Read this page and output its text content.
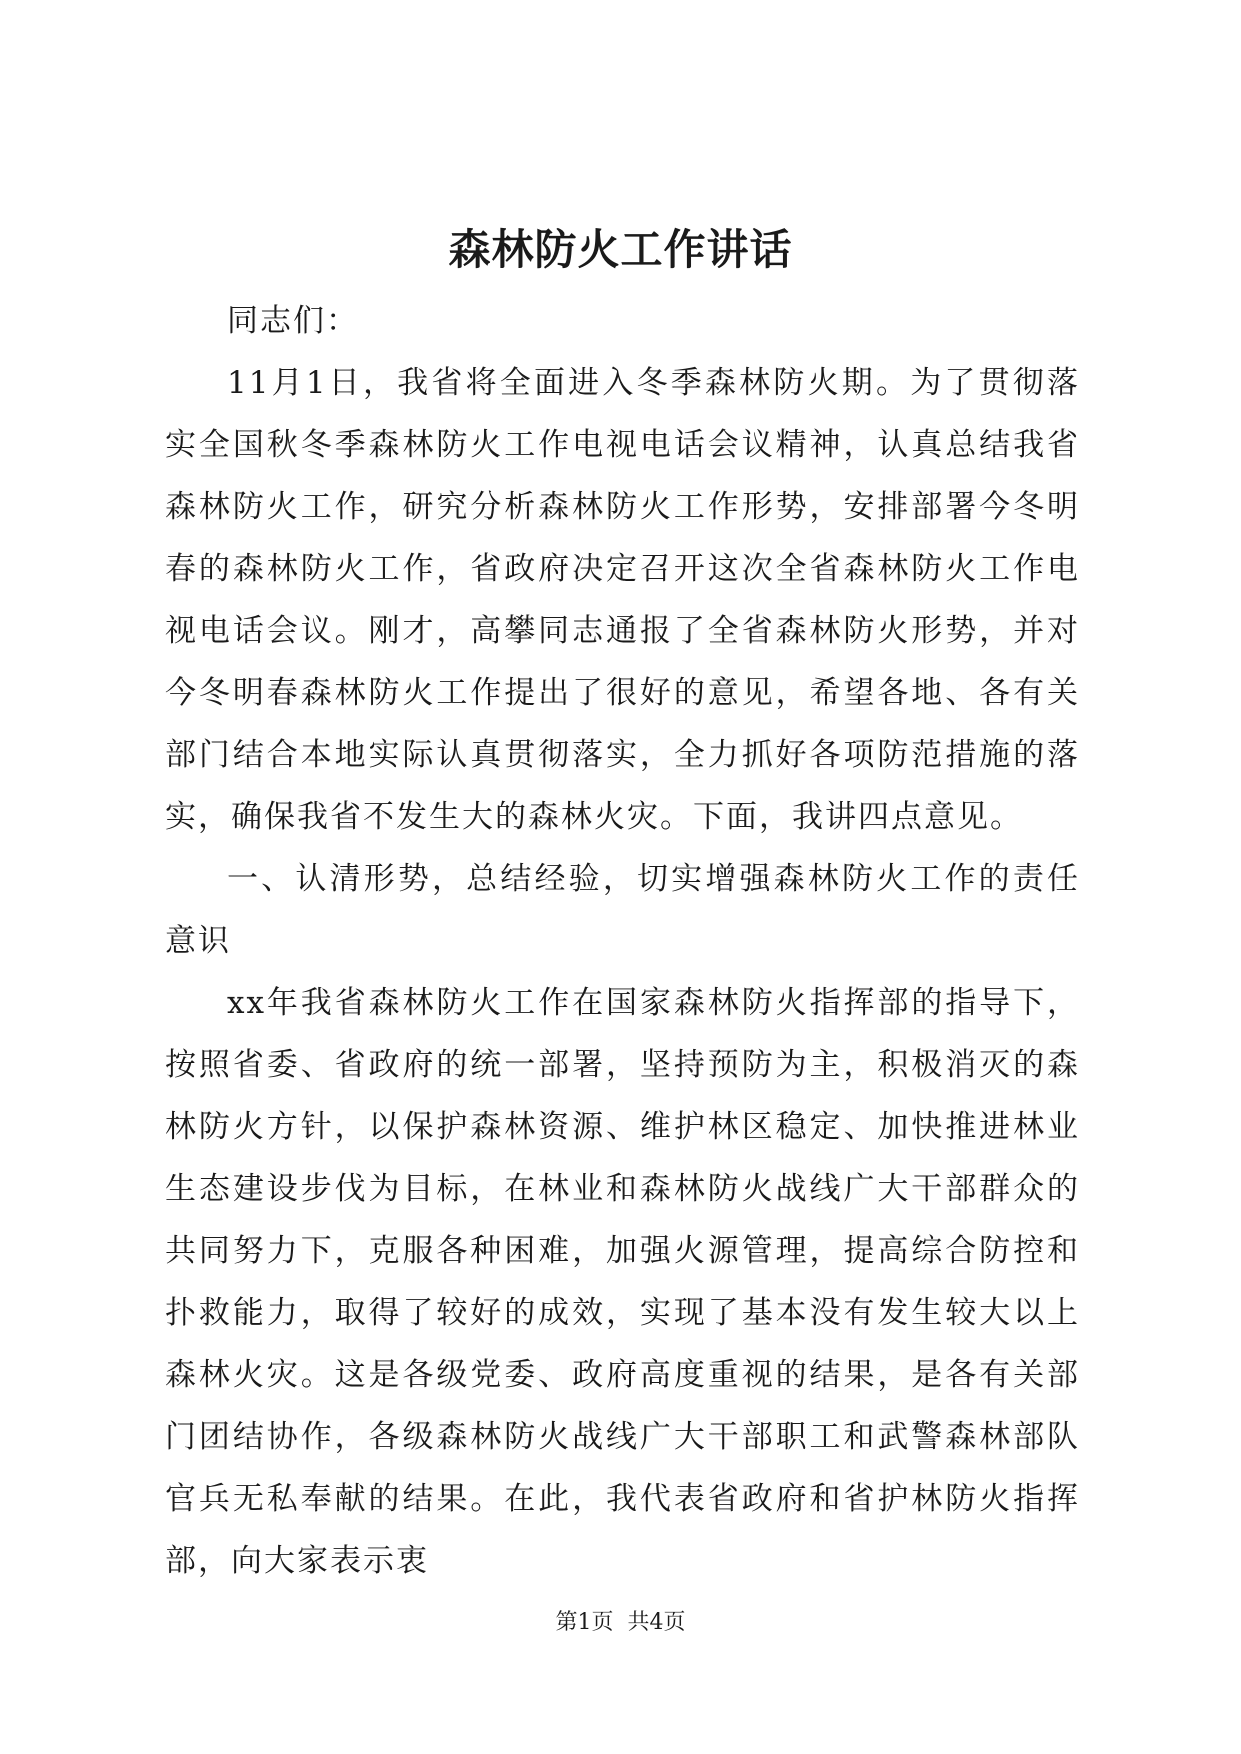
森林防火工作讲话

同志们：

11月1日，我省将全面进入冬季森林防火期。为了贯彻落实全国秋冬季森林防火工作电视电话会议精神，认真总结我省森林防火工作，研究分析森林防火工作形势，安排部署今冬明春的森林防火工作，省政府决定召开这次全省森林防火工作电视电话会议。刚才，高攀同志通报了全省森林防火形势，并对今冬明春森林防火工作提出了很好的意见，希望各地、各有关部门结合本地实际认真贯彻落实，全力抓好各项防范措施的落实，确保我省不发生大的森林火灾。下面，我讲四点意见。

一、认清形势，总结经验，切实增强森林防火工作的责任意识

xx年我省森林防火工作在国家森林防火指挥部的指导下，按照省委、省政府的统一部署，坚持预防为主，积极消灭的森林防火方针，以保护森林资源、维护林区稳定、加快推进林业生态建设步伐为目标，在林业和森林防火战线广大干部群众的共同努力下，克服各种困难，加强火源管理，提高综合防控和扑救能力，取得了较好的成效，实现了基本没有发生较大以上森林火灾。这是各级党委、政府高度重视的结果，是各有关部门团结协作，各级森林防火战线广大干部职工和武警森林部队官兵无私奉献的结果。在此，我代表省政府和省护林防火指挥部，向大家表示衷

第1页  共4页
